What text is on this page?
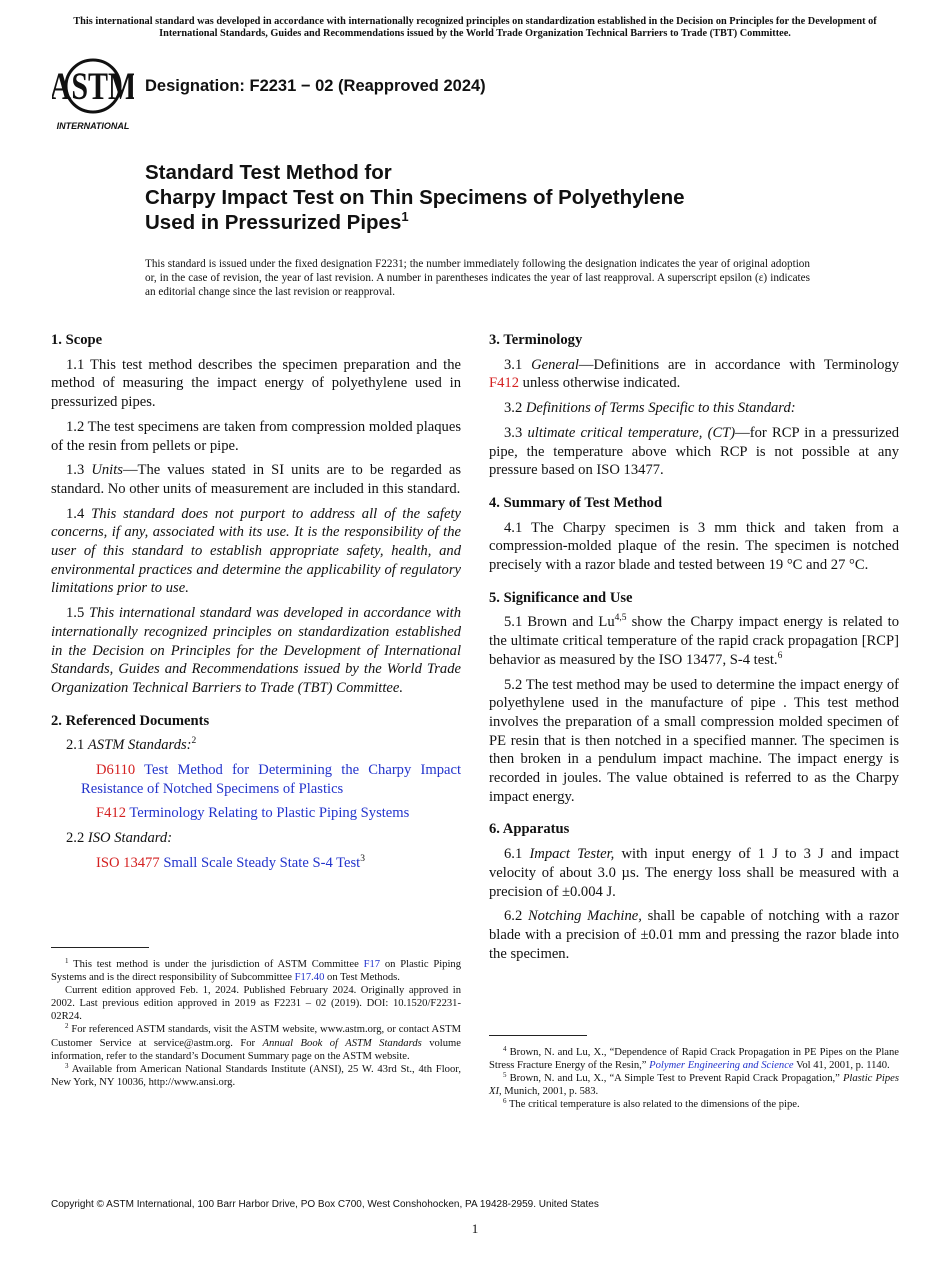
This international standard was developed in accordance with internationally recognized principles on standardization established in the Decision on Principles for the Development of International Standards, Guides and Recommendations issued by the World Trade Organization Technical Barriers to Trade (TBT) Committee.
ASTM
INTERNATIONAL
Designation: F2231 − 02 (Reapproved 2024)
Standard Test Method for
Charpy Impact Test on Thin Specimens of Polyethylene
Used in Pressurized Pipes$^1$
This standard is issued under the fixed designation F2231; the number immediately following the designation indicates the year of original adoption or, in the case of revision, the year of last revision. A number in parentheses indicates the year of last reapproval. A superscript epsilon (ε) indicates an editorial change since the last revision or reapproval.
1. Scope

1.1 This test method describes the specimen preparation and the method of measuring the impact energy of polyethylene used in pressurized pipes.

1.2 The test specimens are taken from compression molded plaques of the resin from pellets or pipe.

1.3 Units—The values stated in SI units are to be regarded as standard. No other units of measurement are included in this standard.

1.4 This standard does not purport to address all of the safety concerns, if any, associated with its use. It is the responsibility of the user of this standard to establish appropriate safety, health, and environmental practices and determine the applicability of regulatory limitations prior to use.

1.5 This international standard was developed in accordance with internationally recognized principles on standardization established in the Decision on Principles for the Development of International Standards, Guides and Recommendations issued by the World Trade Organization Technical Barriers to Trade (TBT) Committee.

2. Referenced Documents

2.1 ASTM Standards:$^2$

D6110 Test Method for Determining the Charpy Impact Resistance of Notched Specimens of Plastics

F412 Terminology Relating to Plastic Piping Systems

2.2 ISO Standard:

ISO 13477 Small Scale Steady State S-4 Test$^3$

3. Terminology

3.1 General—Definitions are in accordance with Terminology F412 unless otherwise indicated.

3.2 Definitions of Terms Specific to this Standard:

3.3 ultimate critical temperature, (CT)—for RCP in a pressurized pipe, the temperature above which RCP is not possible at any pressure based on ISO 13477.

4. Summary of Test Method

4.1 The Charpy specimen is 3 mm thick and taken from a compression-molded plaque of the resin. The specimen is notched precisely with a razor blade and tested between 19 °C and 27 °C.

5. Significance and Use

5.1 Brown and Lu$^{4,5}$ show the Charpy impact energy is related to the ultimate critical temperature of the rapid crack propagation [RCP] behavior as measured by the ISO 13477, S-4 test.$^6$

5.2 The test method may be used to determine the impact energy of polyethylene used in the manufacture of pipe . This test method involves the preparation of a small compression molded specimen of PE resin that is then notched in a specified manner. The specimen is then broken in a pendulum impact machine. The impact energy is recorded in joules. The value obtained is referred to as the Charpy impact energy.

6. Apparatus

6.1 Impact Tester, with input energy of 1 J to 3 J and impact velocity of about 3.0 µs. The energy loss shall be measured with a precision of ±0.004 J.

6.2 Notching Machine, shall be capable of notching with a razor blade with a precision of ±0.01 mm and pressing the razor blade into the specimen.

$^1$ This test method is under the jurisdiction of ASTM Committee F17 on Plastic Piping Systems and is the direct responsibility of Subcommittee F17.40 on Test Methods.

Current edition approved Feb. 1, 2024. Published February 2024. Originally approved in 2002. Last previous edition approved in 2019 as F2231 – 02 (2019). DOI: 10.1520/F2231-02R24.

$^2$ For referenced ASTM standards, visit the ASTM website, www.astm.org, or contact ASTM Customer Service at service@astm.org. For Annual Book of ASTM Standards volume information, refer to the standard’s Document Summary page on the ASTM website.

$^3$ Available from American National Standards Institute (ANSI), 25 W. 43rd St., 4th Floor, New York, NY 10036, http://www.ansi.org.

$^4$ Brown, N. and Lu, X., “Dependence of Rapid Crack Propagation in PE Pipes on the Plane Stress Fracture Energy of the Resin,” Polymer Engineering and Science Vol 41, 2001, p. 1140.

$^5$ Brown, N. and Lu, X., “A Simple Test to Prevent Rapid Crack Propagation,” Plastic Pipes XI, Munich, 2001, p. 583.

$^6$ The critical temperature is also related to the dimensions of the pipe.

Copyright © ASTM International, 100 Barr Harbor Drive, PO Box C700, West Conshohocken, PA 19428-2959. United States
1
